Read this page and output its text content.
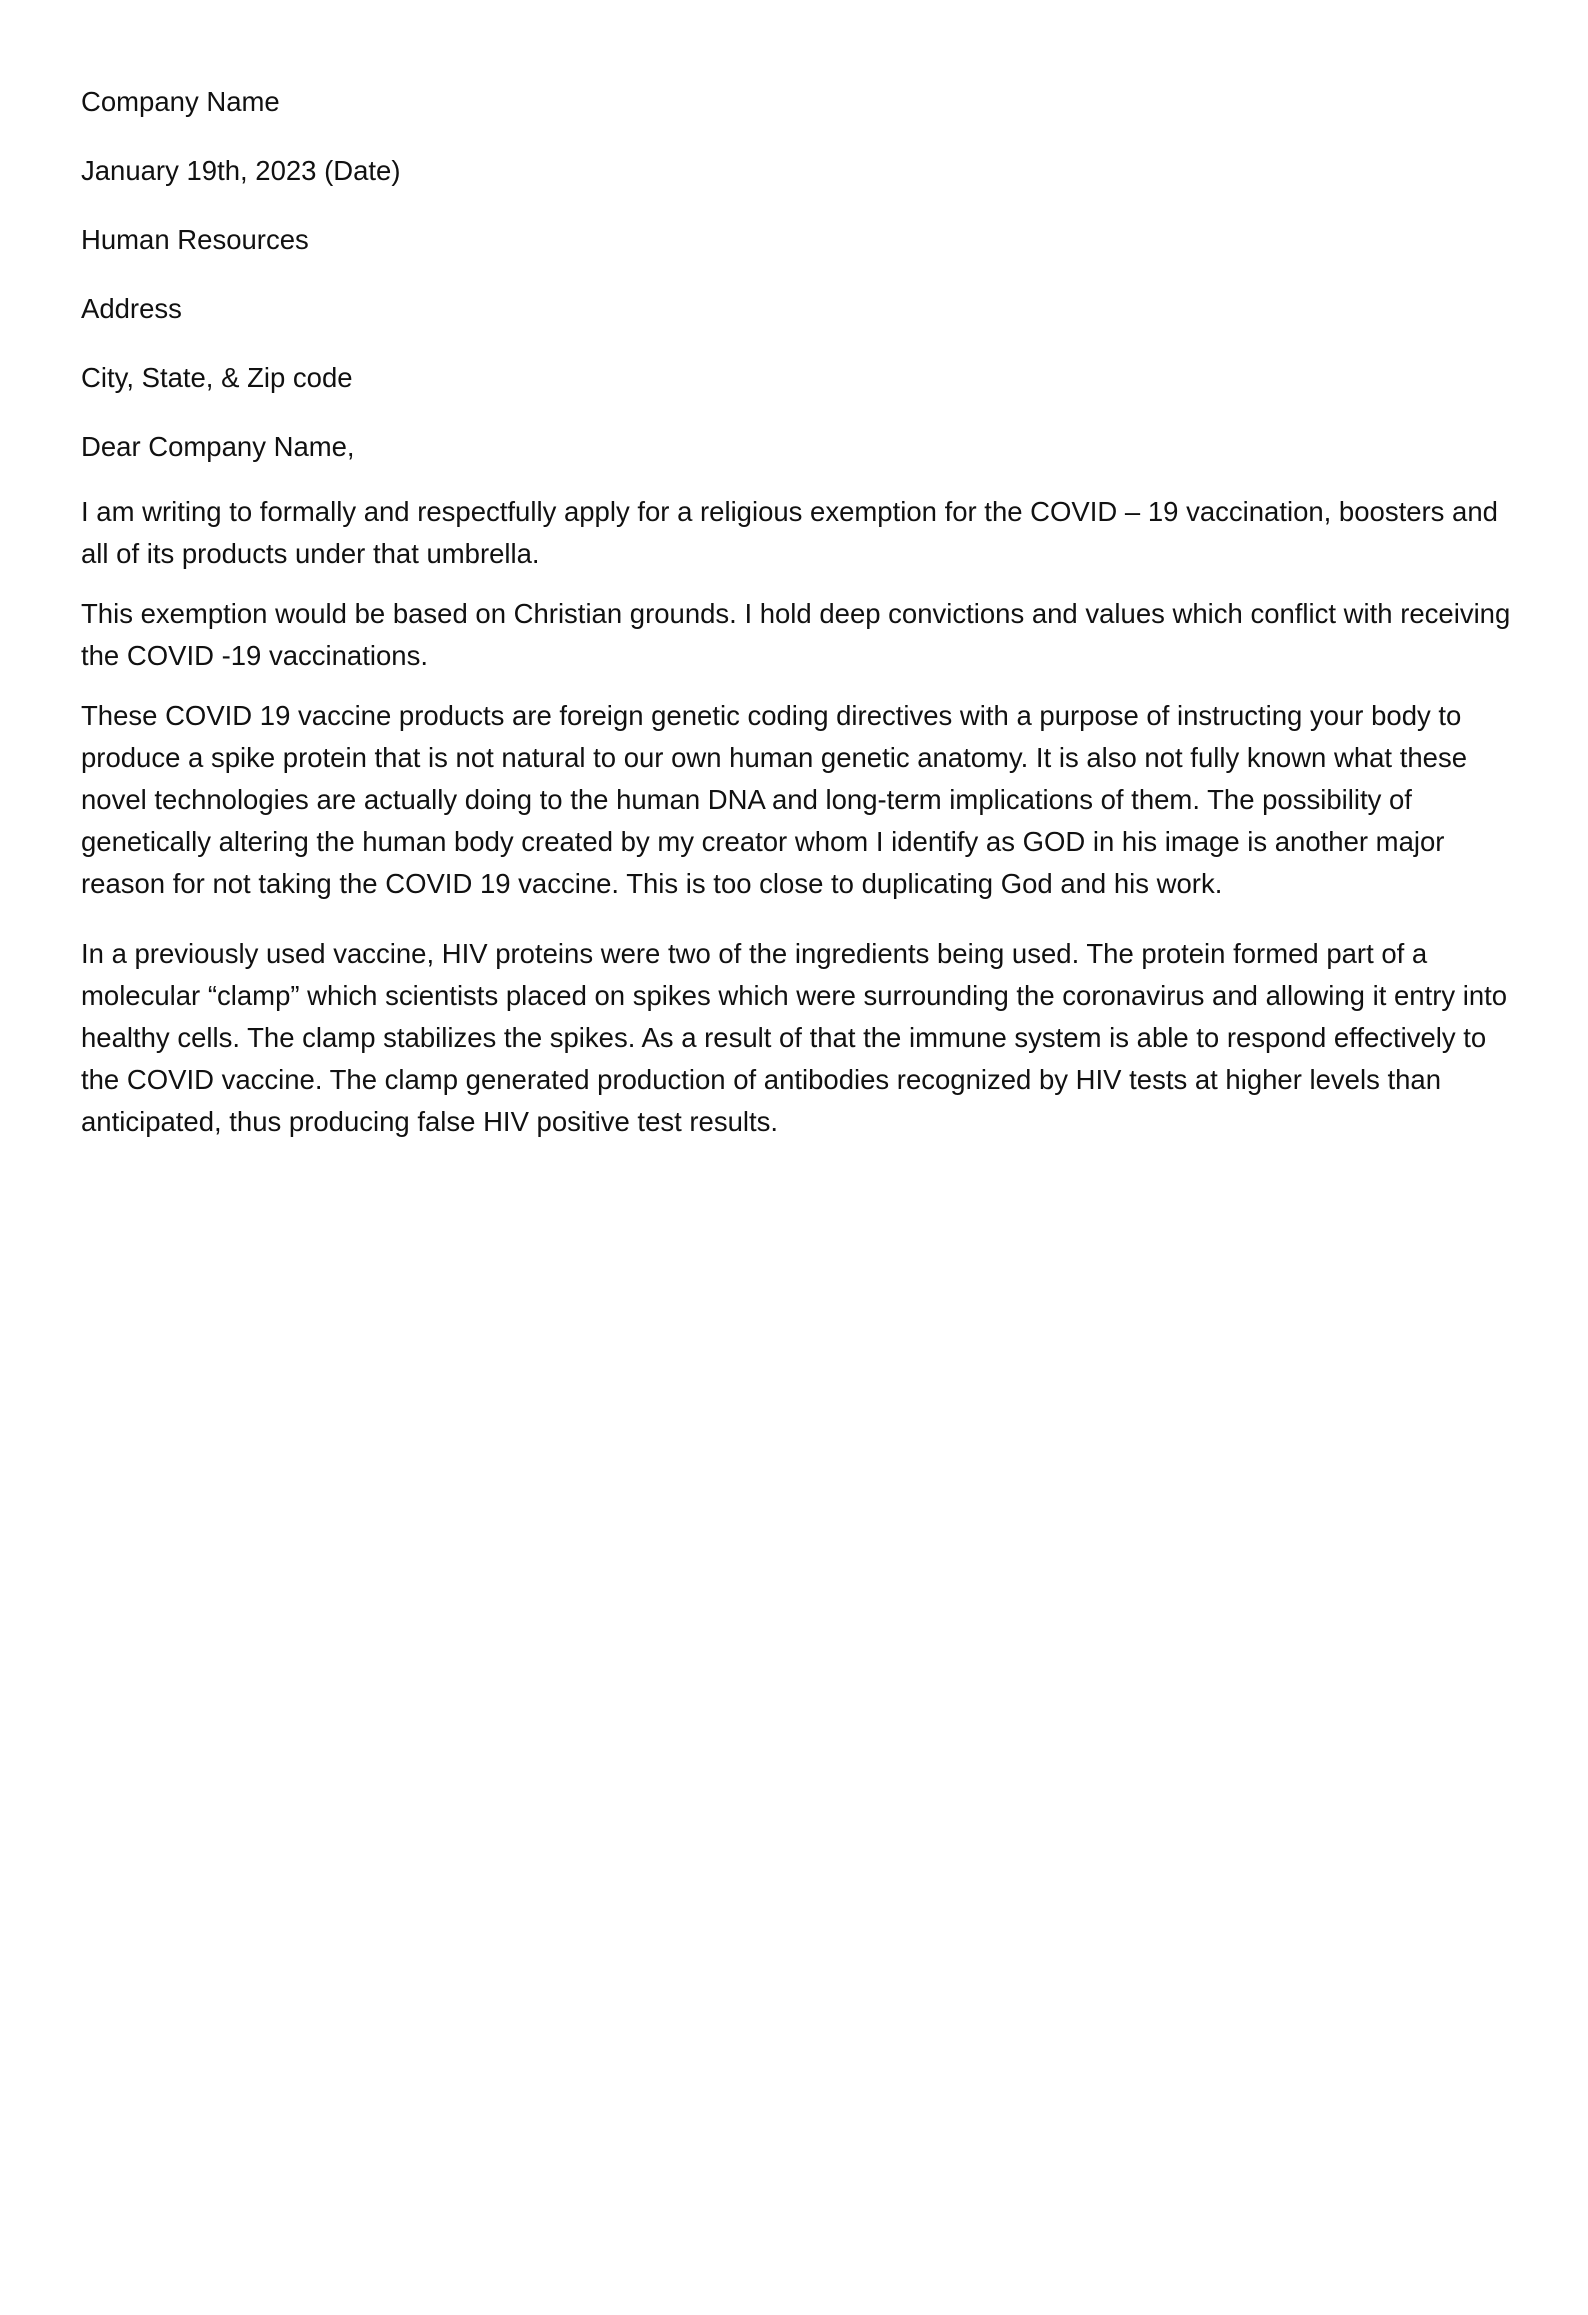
Company Name
January 19th, 2023 (Date)
Human Resources
Address
City, State, & Zip code
Dear Company Name,

I am writing to formally and respectfully apply for a religious exemption for the COVID – 19 vaccination, boosters and all of its products under that umbrella.

This exemption would be based on Christian grounds. I hold deep convictions and values which conflict with receiving the COVID -19 vaccinations.

These COVID 19 vaccine products are foreign genetic coding directives with a purpose of instructing your body to produce a spike protein that is not natural to our own human genetic anatomy. It is also not fully known what these novel technologies are actually doing to the human DNA and long-term implications of them. The possibility of genetically altering the human body created by my creator whom I identify as GOD in his image is another major reason for not taking the COVID 19 vaccine. This is too close to duplicating God and his work.

In a previously used vaccine, HIV proteins were two of the ingredients being used. The protein formed part of a molecular “clamp” which scientists placed on spikes which were surrounding the coronavirus and allowing it entry into healthy cells. The clamp stabilizes the spikes. As a result of that the immune system is able to respond effectively to the COVID vaccine. The clamp generated production of antibodies recognized by HIV tests at higher levels than anticipated, thus producing false HIV positive test results.
